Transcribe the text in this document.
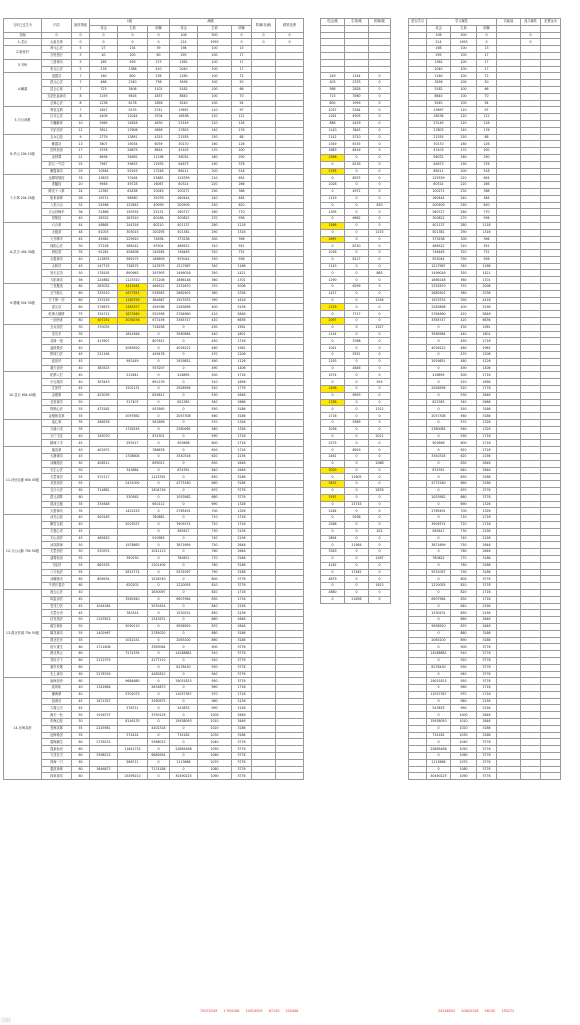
当年已过关卡	内功	最高等级	1级			满级			防御(非满)	精铁花费
			攻击	生命	防御	攻击	生命	防御		
初始	0	0	0	0	0	106	500	0	0	0
1-龙山	太祖长拳	0	0	0	0	214	1993	0	0	0
2-临家村	养元心法	5	27	134	39	198	100	13		
	万里独行	5	40	200	60	295	100	17		
3-书岭	三清神功	5	185	926	273	1362	100	17		
	布衣心法	5	278	1388	410	2040	100	17		
4-瞒墓	清霞功	7	160	800	236	1180	100	72		
	混元心法	7	468	2340	736	3456	100	50		
	昆仑心象	7	723	3406	1101	5182	100	66		
	五花化血神功	8	1193	5616	1837	8640	100	70		
	全真心法	8	1236	6178	1856	9240	100	94		
5-日月神教	葵花宝典	7	1827	9133	2741	13697	110	97		
	日月心法	8	2409	12044	3704	18538	120	112		
	天魔解体	10	2965	14826	4630	23149	120	126		
	天妃功法	12	3621	17606	5656	27803	140	176		
6-华山 20k 15级	玉女心经	9	2779	13891	4315	21555	150	68		
	紫霞功	13	3807	19034	6039	30170	160	126		
	狂风快剑	17	5376	26879	8624	43103	170	200		
	金钟罩	21	6938	34692	11198	56032	180	290		
	混元一气功	25	7967	39833	12935	64673	190	376		
	紫霞神功	29	10584	52919	17248	86211	200	518		
7-少林 20k 25级	达摩易筋经	33	13833	70164	25881	129339	210	654		
	洗髓经	20	9946	49728	16067	80314	220	266		
	降龙十八掌	24	12367	61838	20049	100271	230	368		
	如来神掌	28	19712	98560	32078	160444	240	484		
	八荒六合	32	24568	122842	40099	200509	250	620		
	天山折梅手	36	31866	159332	52131	260727	260	770		
	易筋经	40	36702	183510	60186	300822	270	936		
8-武当 40k 30级	六合拳	44	48865	244316	80210	401137	280	1118		
	太极剑	48	61003	305015	100295	501381	290	1316		
	大开碑手	45	45982	229910	74638	373238	300	396		
	纯阳心法	30	57228	286142	93304	466522	310	551		
	两仪剑	35	91281	456406	149285	746463	320	731		
	太极神功	40	113835	569175	186609	933044	330	936		
	太和功	45	147715	738575	243579	1217987	340	1166		
	回天玄功	50	178192	890963	297993	1499016	350	1421		
	九阳神功	56	224662	1123310	372208	1866148	360	1701		
9-蜀魔 50k 35级	三花聚顶	60	283032	1415161	466522	2332670	370	2006		
	五气朝元	60	335510	1677551	536583	2682901	380	2336		
	天下第一功	60	233159	1165793	384667	1923333	390	4416		
	混元功	60	276675	1383377	456786	2283896	400	5156		
	乾坤大挪移	75	334712	1673560	552938	2764690	410	5846		
	一剑西来	80	407251	2036256	673156	3365747	420	6636		
	玉女剑法	30	370035		716258	0	430	1561		
	龙爪手	35		1841646	0	3580984	440	1801		
	灵犀一指	40	413907		807612	0	450	1716		
	凌波微步	40		2063920	0	4026122	460	1962		
	野球刀法	45	231164		449478	0	470	1206		
	蓝田诀	45		992449	0	1929851	480	1126		
	凝天剑诀	40	383523		553207	0	490	1406		
10-昆仑 60k 40级	蛇鹤八打	40		212641	0	418895	500	1716		
	小无相功	40	303443		691139	0	510	1656		
	生死符	45		1502131	0	2928956	520	1776		
	金刚掌	50	423039		829811	0	530	2646		
	北冥神功	50		317407	0	622383	540	2666		
	铁锁心法	55	475262		933560	0	550	3186		
	金刚般若掌	55		2097862	0	2057308	560	3186		
	迷心掌	35	288978		561896	0	570	1326		
	天遁六术	35		1728155	0	2380065	580	1326		
	天门飞龙	40	345070		674301	0	590	1716		
	精诚十手	45		259117	0	505696	600	1716		
11-河西走廊 60k 45级	落英掌	40	402972		786678	0	610	1716		
	大静神功	45		1708804	0	3340316	620	2156		
	冰魄指法	50	408511		899021	0	630	2646		
	长生心法	50		343884	0	674391	640	2646		
	天罡掌法	55	572117		1123781	0	650	3186		
	北冥剑法	55		2431000	0	4775180	660	3186		
	五行大法	60	714882		1404726	0	670	3776		
	混元剑阵	60		530562	0	1053982	680	3776		
	混沌无极	35	334648		650112	0	690	1326		
	天蚕神功	35		1422253	0	2765491	700	1326		
12-天山山脉 70k 50级	冰刃心经	40	400183		780862	0	710	1716		
	飘雪无痕	40		2003537	0	3905574	720	1716		
	天蚕心诀	45			0	585617	730	2156		
	天山剑法	45	465615		910983	0	740	2156		
	冰岚降神	50		1978863	0	3871699	750	2646		
	天罡剑法	50	530974		1041113	0	760	2646		
	凌霄仙剑	55		390230	0	780822	770	3186		
	飞星诀	55	662535		1301409	0	780	3186		
	八方仙法	55		2815774	0	5531097	790	3186		
	冰魄寒光	60	806934		1526740	0	800	3776		
	不老长春功	60		620202	0	1220055	810	3776		
13-漠北荒城 75k 55级	流云心法	40			1630097	0	820	1716		
	风雷剑法	40		3562940	0	6907964	830	1716		
	苍龙刀法	45	1044284		2031614	0	840	2156		
	天罡行诀	45		783314	0	1530231	850	2156		
	拈花指法	50	1197623		2343251	0	860	2646		
	破空神针	50		5090110	0	9958920	870	2646		
	擒龙神功	55	1402967		2785020	0	880	3186		
	漠北狂沙	55		1052151	0	2063100	890	3186		
	浴火重生	60	1711608		3363064	0	900	3776		
	漠北风云	60		7274335	0	14288881	910	3776		
	龙吟天下	60	2122379		4177110	0	920	3776		
	塞外长歌	60			0	8178430	930	3776		
	无上神功	60	2278749		4482812	0	940	3776		
14-东海求药	南海剑诀	60		9684680	0	19051815	950	3776		
	疾风斩	40	1341664		2634873	0	960	1716		
	潮海掌	40		5702073	0	11057367	970	1716		
	怒涛功	45	1671357		3260975	0	980	2156		
	九霄云天	45		278711	0	543833	990	2156		
	海天一色	50	1916737		3750129	0	1000	2646		
	东海心经	50		8146133	0	15938093	1010	2646		
	苍海灵犀	55	2245981		4402318	0	1020	3186		
	沧海桑田	55		374424	0	734182	1030	3186		
	碧海潮生	60	2739231		5366013	0	1040	3776		
	蓬莱仙诀	60		11641732	0	22865468	1050	3776		
	飞龙在天	60	3398223		6680954	0	1060	3776		
	四海一刀	60		566711	0	1113866	1070	3776		
	碧波神掌	60	3646873		7174188	0	1080	3776		
	四象神功	60		15499210	0	30490225	1090	3776		
攻击/级	生命/级	防御/级

249	1244	0
403	2333	0
566	2828	0
713	3560	0
800	2999	0
1037	5184	0
1261	6305	0
886	4429	0
1140	3845	0
1142	5710	0
1349	6745	0
1683	8416	0
1566	0	0
0	8139	0
1795	0	0
0	8975	0
1028	0	0
0	4972	0
1129	0	0
0	0	830
1395	0	0
0	6662	0
1566	0	0
0	0	1153
1697	0	0
0	8740	0
1028	0	0
0	6117	0
1143	0	0
0	0	863
1290	0	0
0	6299	0
1427	0	0
0	0	1246
1729	0	0
0	7717	0
2097	0	0
0	0	1527
1154	0	0
0	3788	0
1041	0	0
0	5551	0
1293	0	0
0	4846	0
1574	0	0
0	0	919
1496	0	0
0	6993	0
1788	0	0
0	0	1312
1716	0	0
0	9389	0
2036	0	0
0	0	2012
2275	0	0
0	8929	0
2481	0	0
0	0	2088
3029	0	0
0	12605	0
3632	0	0
0	0	2678
3767	0	0
0	15745	0
2184	0	0
0	9298	0
2568	0	0
0	0	422
2894	0	0
0	11984	0
3349	0	0
0	0	1267
4162	0	0
0	17461	0
4879	0	0
0	0	1613
4880	0	0
0	21856	0
是否学习	学习属性			功能值	战斗属性	花费金币
	攻击	生命	防御			
	106	500	0		0	
	214	1993	0		0	
	198	100	13			
	295	100	17			
	1362	100	17			
	2040	100	17			
	1180	100	72			
	3456	100	50			
	5182	100	66			
	8640	100	70			
	9240	100	94			
	13697	110	97			
	18538	120	112			
	23149	120	126			
	27803	140	176			
	21555	150	68			
	30170	160	126			
	43103	170	200			
	56032	180	290			
	64673	190	376			
	86211	200	518			
	129339	210	654			
	80314	220	266			
	100271	230	368			
	160444	240	484			
	200509	250	620			
	260727	260	770			
	300822	270	936			
	401137	280	1118			
	501381	290	1316			
	373238	300	396			
	466522	310	551			
	746463	320	731			
	933044	330	936			
	1217987	340	1166			
	1499016	350	1421			
	1866148	360	1701			
	2332670	370	2006			
	2682901	380	2336			
	1923333	390	4416			
	2283896	400	5156			
	2764690	410	5846			
	3365747	420	6636			
	0	430	1561			
	3580984	440	1801			
	0	450	1716			
	4026122	460	1962			
	0	470	1206			
	1929851	480	1126			
	0	490	1406			
	418895	500	1716			
	0	510	1656			
	2928956	520	1776			
	0	530	2646			
	622383	540	2666			
	0	550	3186			
	2057308	560	3186			
	0	570	1326			
	2380065	580	1326			
	0	590	1716			
	505696	600	1716			
	0	610	1716			
	3340316	620	2156			
	0	630	2646			
	674391	640	2646			
	0	650	3186			
	4775180	660	3186			
	0	670	3776			
	1053982	680	3776			
	0	690	1326			
	2765491	700	1326			
	0	710	1716			
	3905574	720	1716			
	585617	730	2156			
	0	740	2156			
	3871699	750	2646			
	0	760	2646			
	780822	770	3186			
	0	780	3186			
	5531097	790	3186			
	0	800	3776			
	1220055	810	3776			
	0	820	1716			
	6907964	830	1716			
	0	840	2156			
	1530231	850	2156			
	0	860	2646			
	9958920	870	2646			
	0	880	3186			
	2063100	890	3186			
	0	900	3776			
	14288881	910	3776			
	0	920	3776			
	8178430	930	3776			
	0	940	3776			
	19051815	950	3776			
	0	960	1716			
	11057367	970	1716			
	0	980	2156			
	543833	990	2156			
	0	1000	2646			
	15938093	1010	2646			
	0	1020	3186			
	734182	1030	3186			
	0	1040	3776			
	22865468	1050	3776			
	0	1060	3776			
	1113866	1070	3776			
	0	1080	3776			
	30490225	1090	3776			
75070249 1 954108 14914005 67120 205448	24246052 20820156 56130 135272
图源
